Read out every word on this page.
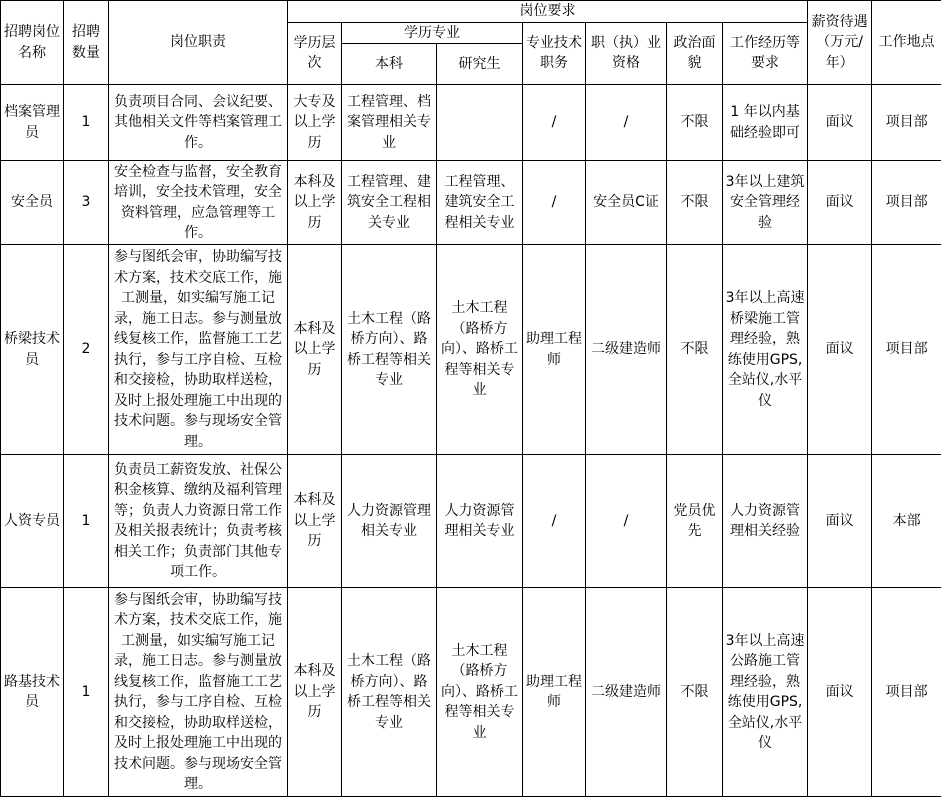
招聘岗位名称	招聘数量	岗位职责	岗位要求							薪资待遇（万元/年）	工作地点
			学历层次	学历专业		专业技术职务	职（执）业资格	政治面貌	工作经历等要求		
				本科	研究生						
档案管理员	1	负责项目合同、会议纪要、其他相关文件等档案管理工作。	大专及以上学历	工程管理、档案管理相关专业		/	/	不限	1 年以内基础经验即可	面议	项目部
安全员	3	安全检查与监督，安全教育培训，安全技术管理，安全资料管理，应急管理等工作。	本科及以上学历	工程管理、建筑安全工程相关专业	工程管理、建筑安全工程相关专业	/	安全员C证	不限	3年以上建筑安全管理经验	面议	项目部
桥梁技术员	2	参与图纸会审，协助编写技术方案，技术交底工作，施工测量，如实编写施工记录，施工日志。参与测量放线复核工作，监督施工工艺执行，参与工序自检、互检和交接检，协助取样送检，及时上报处理施工中出现的技术问题。参与现场安全管理。	本科及以上学历	土木工程（路桥方向）、路桥工程等相关专业	土木工程（路桥方向）、路桥工程等相关专业	助理工程师	二级建造师	不限	3年以上高速桥梁施工管理经验，熟练使用GPS,全站仪,水平仪	面议	项目部
人资专员	1	负责员工薪资发放、社保公积金核算、缴纳及福利管理等；负责人力资源日常工作及相关报表统计；负责考核相关工作；负责部门其他专项工作。	本科及以上学历	人力资源管理相关专业	人力资源管理相关专业	/	/	党员优先	人力资源管理相关经验	面议	本部
路基技术员	1	参与图纸会审，协助编写技术方案，技术交底工作，施工测量，如实编写施工记录，施工日志。参与测量放线复核工作，监督施工工艺执行，参与工序自检、互检和交接检，协助取样送检，及时上报处理施工中出现的技术问题。参与现场安全管理。	本科及以上学历	土木工程（路桥方向）、路桥工程等相关专业	土木工程（路桥方向）、路桥工程等相关专业	助理工程师	二级建造师	不限	3年以上高速公路施工管理经验，熟练使用GPS,全站仪,水平仪	面议	项目部
